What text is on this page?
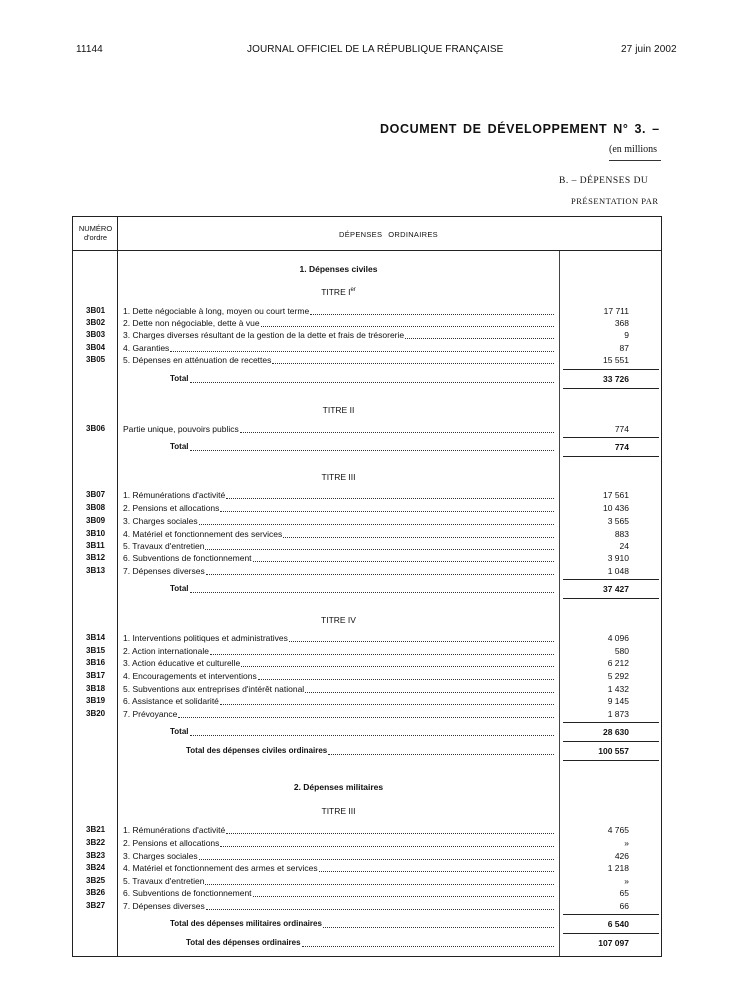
11144	JOURNAL OFFICIEL DE LA RÉPUBLIQUE FRANÇAISE	27 juin 2002
DOCUMENT DE DÉVELOPPEMENT N° 3. –
(en millions
B. – DÉPENSES DU
PRÉSENTATION PAR
NUMÉRO
d'ordre	DÉPENSES ORDINAIRES
1. Dépenses civiles
TITRE Ier
3B01 1. Dette négociable à long, moyen ou court terme	17 711
3B02 2. Dette non négociable, dette à vue	368
3B03 3. Charges diverses résultant de la gestion de la dette et frais de trésorerie	9
3B04 4. Garanties	87
3B05 5. Dépenses en atténuation de recettes	15 551
Total	33 726
TITRE II
3B06 Partie unique, pouvoirs publics	774
Total	774
TITRE III
3B07 1. Rémunérations d'activité	17 561
3B08 2. Pensions et allocations	10 436
3B09 3. Charges sociales	3 565
3B10 4. Matériel et fonctionnement des services	883
3B11 5. Travaux d'entretien	24
3B12 6. Subventions de fonctionnement	3 910
3B13 7. Dépenses diverses	1 048
Total	37 427
TITRE IV
3B14 1. Interventions politiques et administratives	4 096
3B15 2. Action internationale	580
3B16 3. Action éducative et culturelle	6 212
3B17 4. Encouragements et interventions	5 292
3B18 5. Subventions aux entreprises d'intérêt national	1 432
3B19 6. Assistance et solidarité	9 145
3B20 7. Prévoyance	1 873
Total	28 630
Total des dépenses civiles ordinaires	100 557
2. Dépenses militaires
TITRE III
3B21 1. Rémunérations d'activité	4 765
3B22 2. Pensions et allocations	»
3B23 3. Charges sociales	426
3B24 4. Matériel et fonctionnement des armes et services	1 218
3B25 5. Travaux d'entretien	»
3B26 6. Subventions de fonctionnement	65
3B27 7. Dépenses diverses	66
Total des dépenses militaires ordinaires	6 540
Total des dépenses ordinaires	107 097
